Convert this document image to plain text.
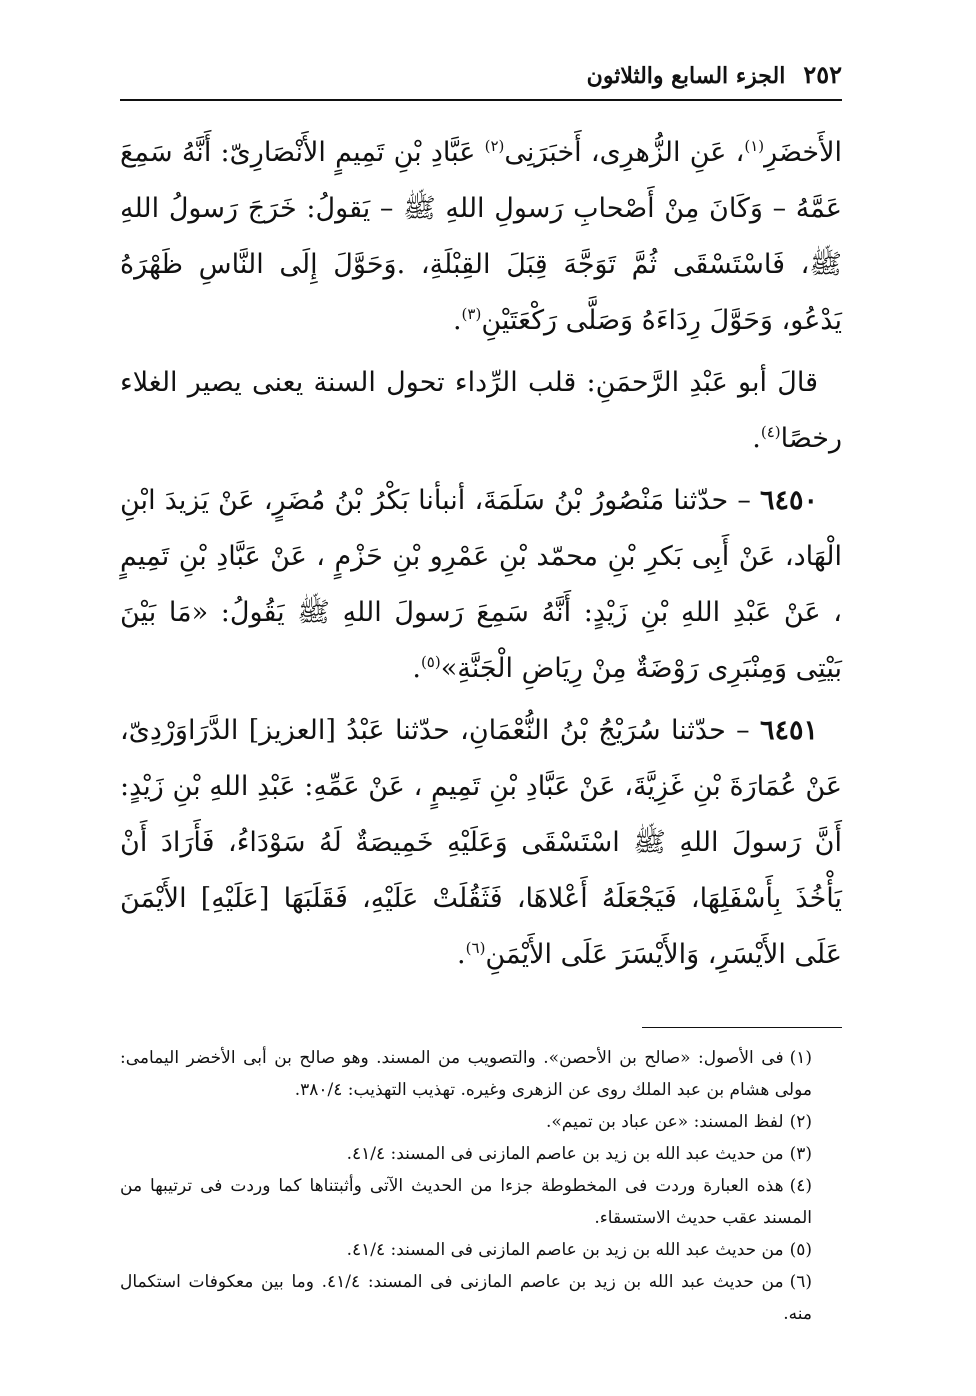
٢٥٢
الجزء السابع والثلاثون

الأَخضَرِ$^{(١)}$، عَنِ الزُّهرِى، أَخبَرَنِى$^{(٢)}$ عَبَّادِ بْنِ تَمِيمٍ الأَنْصَارِىّ: أَنَّهُ سَمِعَ عَمَّهُ – وَكَانَ مِنْ أَصْحابِ رَسولِ اللهِ ﷺ – يَقولُ: خَرَجَ رَسولُ اللهِ ﷺ، فَاسْتَسْقَى ثُمَّ تَوَجَّهَ قِبَلَ القِبْلَةِ، .وَحَوَّلَ إِلَى النَّاسِ ظَهْرَهُ يَدْعُو، وَحَوَّلَ رِدَاءَهُ وَصَلَّى رَكْعَتَيْنِ$^{(٣)}$.

قالَ أبو عَبْدِ الرَّحمَنِ: قلب الرِّداء تحول السنة يعنى يصير الغلاء رخصًا$^{(٤)}$.

٦٤٥٠ – حدّثنا مَنْصُورُ بْنُ سَلَمَةَ، أنبأنا بَكْرُ بْنُ مُضَرٍ، عَنْ يَزيدَ ابْنِ الْهَاد، عَنْ أَبِى بَكرِ بْنِ محمّد بْنِ عَمْرِو بْنِ حَزْمٍ ، عَنْ عَبَّادِ بْنِ تَمِيمٍ ، عَنْ عَبْدِ اللهِ بْنِ زَيْدٍ: أَنَّهُ سَمِعَ رَسولَ اللهِ ﷺ يَقُولُ: «مَا بَيْنَ بَيْتِى وَمِنْبَرِى رَوْضَةٌ مِنْ رِيَاضِ الْجَنَّةِ»$^{(٥)}$.

٦٤٥١ – حدّثنا سُرَيْجُ بْنُ النُّعْمَانِ، حدّثنا عَبْدُ [العزيز] الدَّرَاوَرْدِىّ، عَنْ عُمَارَةَ بْنِ غَزِيَّةَ، عَنْ عَبَّادِ بْنِ تَمِيمٍ ، عَنْ عَمِّهِ: عَبْدِ اللهِ بْنِ زَيْدٍ: أَنَّ رَسولَ اللهِ ﷺ اسْتَسْقَى وَعَلَيْهِ خَمِيصَةٌ لَهُ سَوْدَاءُ، فَأَرَادَ أَنْ يَأْخُذَ بِأَسْفَلِهَا، فَيَجْعَلَهُ أَعْلاهَا، فَثَقُلَتْ عَلَيْهِ، فَقَلَبَهَا [عَلَيْهِ] الأَيْمَنَ عَلَى الأَيْسَرِ، وَالأَيْسَرَ عَلَى الأَيْمَنِ$^{(٦)}$.

(١)فى الأصول: «صالح بن الأحصن». والتصويب من المسند. وهو صالح بن أبى الأخضر اليمامى: مولى هشام بن عبد الملك روى عن الزهرى وغيره. تهذيب التهذيب: ٣٨٠/٤.

(٢)لفظ المسند: «عن عباد بن تميم».

(٣)من حديث عبد الله بن زيد بن عاصم المازنى فى المسند: ٤١/٤.

(٤)هذه العبارة وردت فى المخطوطة جزءا من الحديث الآتى وأثبتناها كما وردت فى ترتيبها من المسند عقب حديث الاستسقاء.

(٥)من حديث عبد الله بن زيد بن عاصم المازنى فى المسند: ٤١/٤.

(٦)من حديث عبد الله بن زيد بن عاصم المازنى فى المسند: ٤١/٤. وما بين معكوفات استكمال منه.
